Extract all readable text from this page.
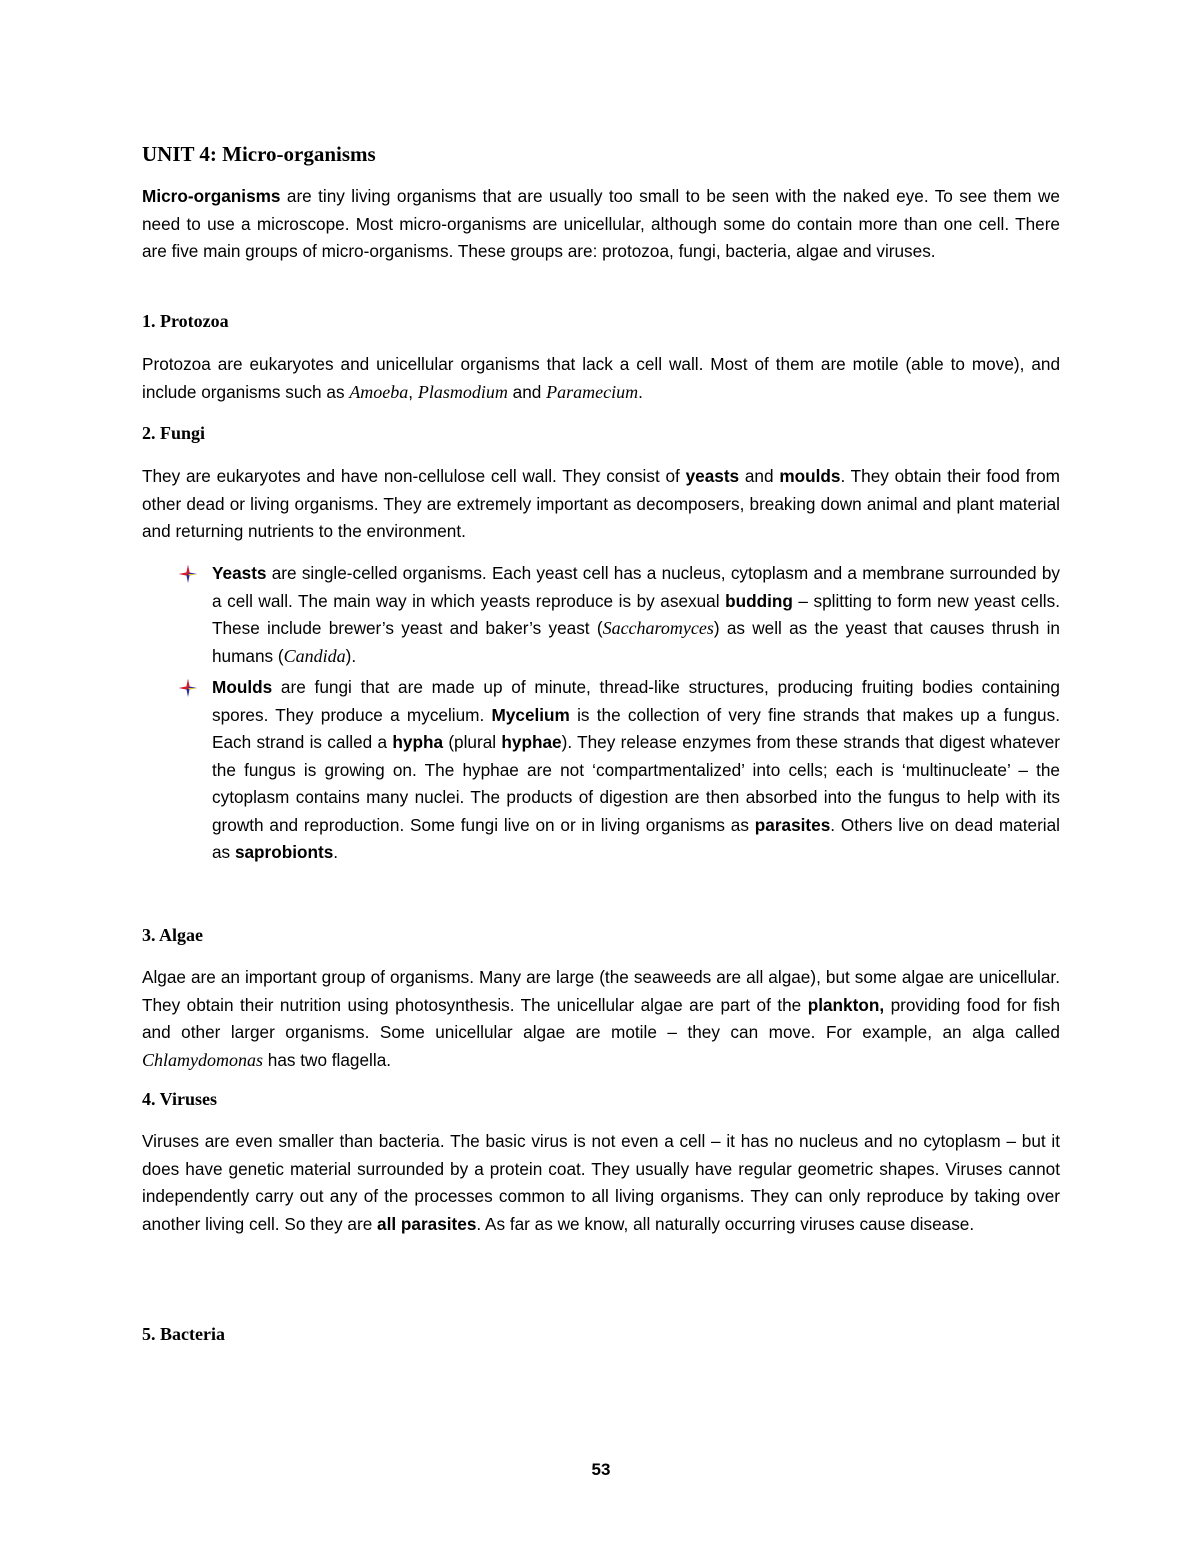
UNIT 4: Micro-organisms
Micro-organisms are tiny living organisms that are usually too small to be seen with the naked eye. To see them we need to use a microscope. Most micro-organisms are unicellular, although some do contain more than one cell. There are five main groups of micro-organisms. These groups are: protozoa, fungi, bacteria, algae and viruses.
1. Protozoa
Protozoa are eukaryotes and unicellular organisms that lack a cell wall. Most of them are motile (able to move), and include organisms such as Amoeba, Plasmodium and Paramecium.
2. Fungi
They are eukaryotes and have non-cellulose cell wall. They consist of yeasts and moulds. They obtain their food from other dead or living organisms. They are extremely important as decomposers, breaking down animal and plant material and returning nutrients to the environment.
Yeasts are single-celled organisms. Each yeast cell has a nucleus, cytoplasm and a membrane surrounded by a cell wall. The main way in which yeasts reproduce is by asexual budding – splitting to form new yeast cells. These include brewer’s yeast and baker’s yeast (Saccharomyces) as well as the yeast that causes thrush in humans (Candida).
Moulds are fungi that are made up of minute, thread-like structures, producing fruiting bodies containing spores. They produce a mycelium. Mycelium is the collection of very fine strands that makes up a fungus. Each strand is called a hypha (plural hyphae). They release enzymes from these strands that digest whatever the fungus is growing on. The hyphae are not ‘compartmentalized’ into cells; each is ‘multinucleate’ – the cytoplasm contains many nuclei. The products of digestion are then absorbed into the fungus to help with its growth and reproduction. Some fungi live on or in living organisms as parasites. Others live on dead material as saprobionts.
3. Algae
Algae are an important group of organisms. Many are large (the seaweeds are all algae), but some algae are unicellular. They obtain their nutrition using photosynthesis. The unicellular algae are part of the plankton, providing food for fish and other larger organisms. Some unicellular algae are motile – they can move. For example, an alga called Chlamydomonas has two flagella.
4. Viruses
Viruses are even smaller than bacteria. The basic virus is not even a cell – it has no nucleus and no cytoplasm – but it does have genetic material surrounded by a protein coat. They usually have regular geometric shapes. Viruses cannot independently carry out any of the processes common to all living organisms. They can only reproduce by taking over another living cell. So they are all parasites. As far as we know, all naturally occurring viruses cause disease.
5. Bacteria
53
